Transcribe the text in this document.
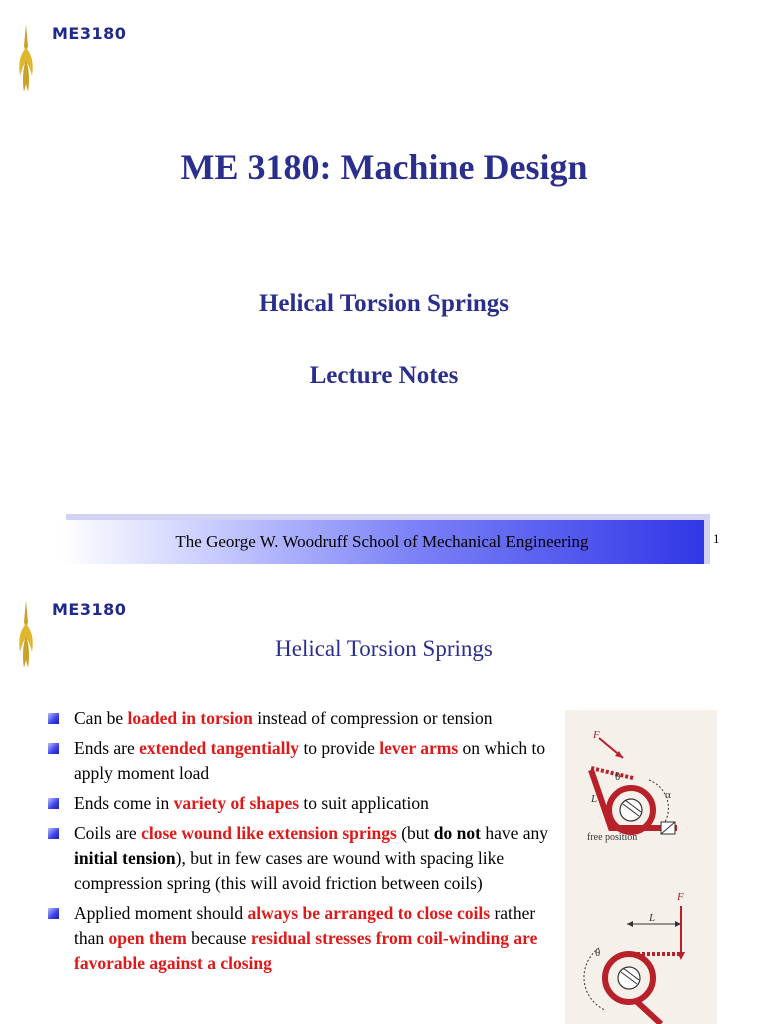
ME3180
ME 3180: Machine Design
Helical Torsion Springs
Lecture Notes
The George W. Woodruff School of Mechanical Engineering	1
ME3180
Helical Torsion Springs
Can be loaded in torsion instead of compression or tension
Ends are extended tangentially to provide lever arms on which to apply moment load
Ends come in variety of shapes to suit application
Coils are close wound like extension springs (but do not have any initial tension), but in few cases are wound with spacing like compression spring (this will avoid friction between coils)
Applied moment should always be arranged to close coils rather than open them because residual stresses from coil-winding are favorable against a closing
F
θ
α
L
free position
F
L
θ
